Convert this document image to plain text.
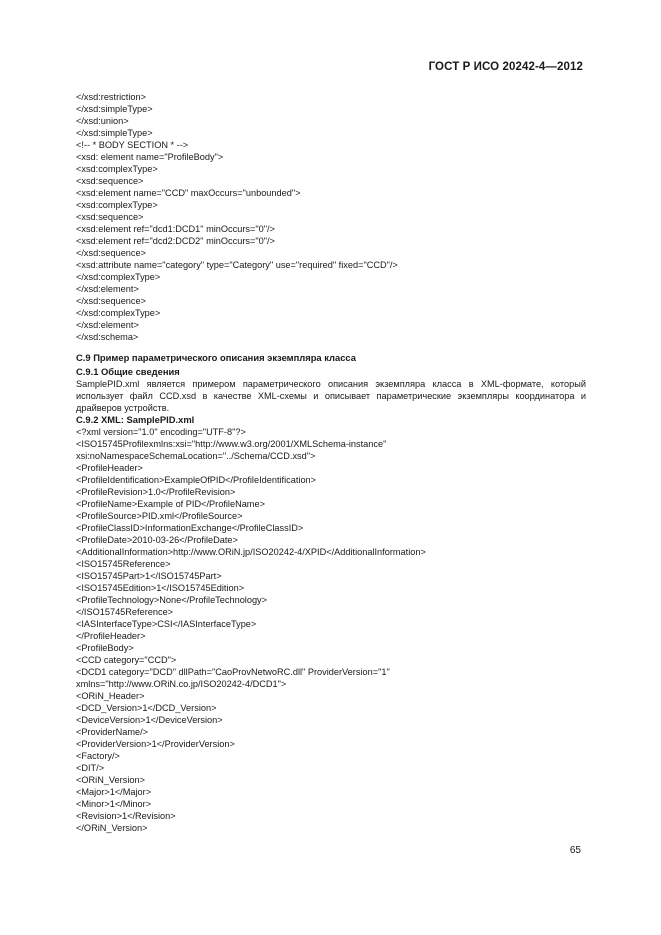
ГОСТ Р ИСО 20242-4—2012
</xsd:restriction>
</xsd:simpleType>
</xsd:union>
</xsd:simpleType>
<!-- * BODY SECTION * -->
<xsd: element name="ProfileBody">
<xsd:complexType>
<xsd:sequence>
<xsd:element name="CCD" maxOccurs="unbounded">
<xsd:complexType>
<xsd:sequence>
<xsd:element ref="dcd1:DCD1" minOccurs="0"/>
<xsd:element ref="dcd2:DCD2" minOccurs="0"/>
</xsd:sequence>
<xsd:attribute name="category" type="Category" use="required" fixed="CCD"/>
</xsd:complexType>
</xsd:element>
</xsd:sequence>
</xsd:complexType>
</xsd:element>
</xsd:schema>
С.9 Пример параметрического описания экземпляра класса
С.9.1 Общие сведения
SamplePID.xml является примером параметрического описания экземпляра класса в XML-формате, который использует файл CCD.xsd в качестве XML-схемы и описывает параметрические экземпляры координатора и драйверов устройств.
С.9.2 XML: SamplePID.xml
<?xml version="1.0" encoding="UTF-8"?>
<ISO15745Profilexmlns:xsi="http://www.w3.org/2001/XMLSchema-instance"
xsi:noNamespaceSchemaLocation="../Schema/CCD.xsd">
<ProfileHeader>
<ProfileIdentification>ExampleOfPID</ProfileIdentification>
<ProfileRevision>1.0</ProfileRevision>
<ProfileName>Example of PID</ProfileName>
<ProfileSource>PID.xml</ProfileSource>
<ProfileClassID>InformationExchange</ProfileClassID>
<ProfileDate>2010-03-26</ProfileDate>
<AdditionalInformation>http://www.ORiN.jp/ISO20242-4/XPID</AdditionalInformation>
<ISO15745Reference>
<ISO15745Part>1</ISO15745Part>
<ISO15745Edition>1</ISO15745Edition>
<ProfileTechnology>None</ProfileTechnology>
</ISO15745Reference>
<IASInterfaceType>CSI</IASInterfaceType>
</ProfileHeader>
<ProfileBody>
<CCD category="CCD">
<DCD1 category="DCD" dllPath="CaoProvNetwoRC.dll" ProviderVersion="1"
xmlns="http://www.ORiN.co.jp/ISO20242-4/DCD1">
<ORiN_Header>
<DCD_Version>1</DCD_Version>
<DeviceVersion>1</DeviceVersion>
<ProviderName/>
<ProviderVersion>1</ProviderVersion>
<Factory/>
<DIT/>
<ORiN_Version>
<Major>1</Major>
<Minor>1</Minor>
<Revision>1</Revision>
</ORiN_Version>
65
